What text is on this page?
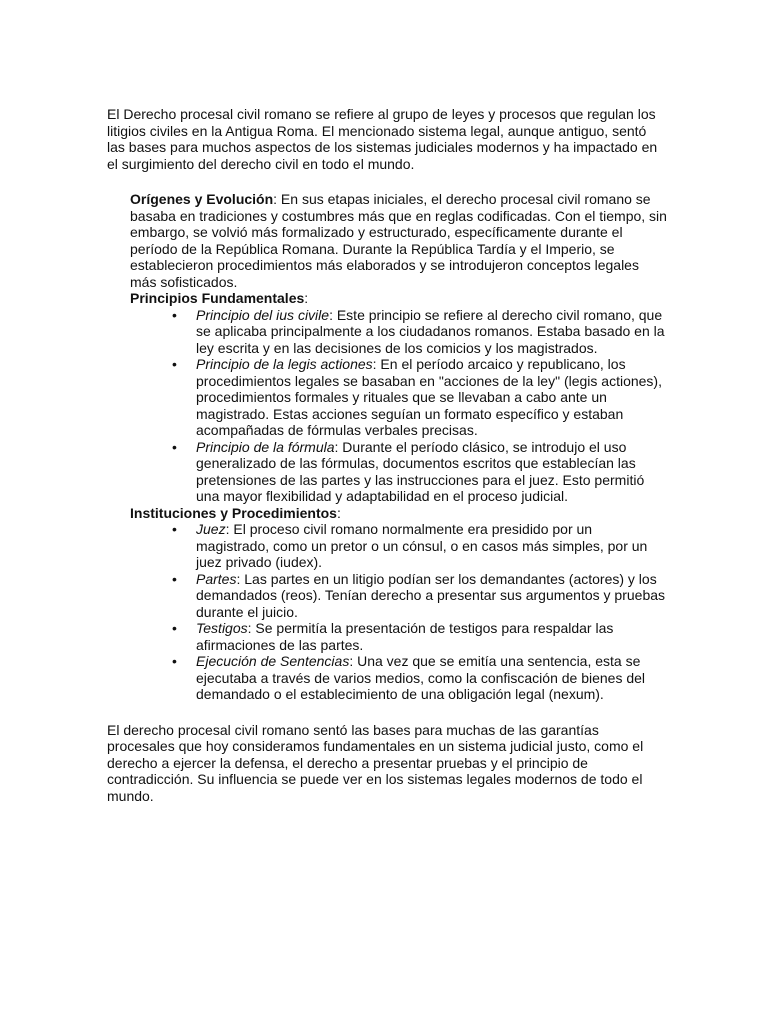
El Derecho procesal civil romano se refiere al grupo de leyes y procesos que regulan los litigios civiles en la Antigua Roma. El mencionado sistema legal, aunque antiguo, sentó las bases para muchos aspectos de los sistemas judiciales modernos y ha impactado en el surgimiento del derecho civil en todo el mundo.

Orígenes y Evolución: En sus etapas iniciales, el derecho procesal civil romano se basaba en tradiciones y costumbres más que en reglas codificadas. Con el tiempo, sin embargo, se volvió más formalizado y estructurado, específicamente durante el período de la República Romana. Durante la República Tardía y el Imperio, se establecieron procedimientos más elaborados y se introdujeron conceptos legales más sofisticados.

Principios Fundamentales:

• Principio del ius civile: Este principio se refiere al derecho civil romano, que se aplicaba principalmente a los ciudadanos romanos. Estaba basado en la ley escrita y en las decisiones de los comicios y los magistrados.
• Principio de la legis actiones: En el período arcaico y republicano, los procedimientos legales se basaban en "acciones de la ley" (legis actiones), procedimientos formales y rituales que se llevaban a cabo ante un magistrado. Estas acciones seguían un formato específico y estaban acompañadas de fórmulas verbales precisas.
• Principio de la fórmula: Durante el período clásico, se introdujo el uso generalizado de las fórmulas, documentos escritos que establecían las pretensiones de las partes y las instrucciones para el juez. Esto permitió una mayor flexibilidad y adaptabilidad en el proceso judicial.

Instituciones y Procedimientos:

• Juez: El proceso civil romano normalmente era presidido por un magistrado, como un pretor o un cónsul, o en casos más simples, por un juez privado (iudex).
• Partes: Las partes en un litigio podían ser los demandantes (actores) y los demandados (reos). Tenían derecho a presentar sus argumentos y pruebas durante el juicio.
• Testigos: Se permitía la presentación de testigos para respaldar las afirmaciones de las partes.
• Ejecución de Sentencias: Una vez que se emitía una sentencia, esta se ejecutaba a través de varios medios, como la confiscación de bienes del demandado o el establecimiento de una obligación legal (nexum).

El derecho procesal civil romano sentó las bases para muchas de las garantías procesales que hoy consideramos fundamentales en un sistema judicial justo, como el derecho a ejercer la defensa, el derecho a presentar pruebas y el principio de contradicción. Su influencia se puede ver en los sistemas legales modernos de todo el mundo.
